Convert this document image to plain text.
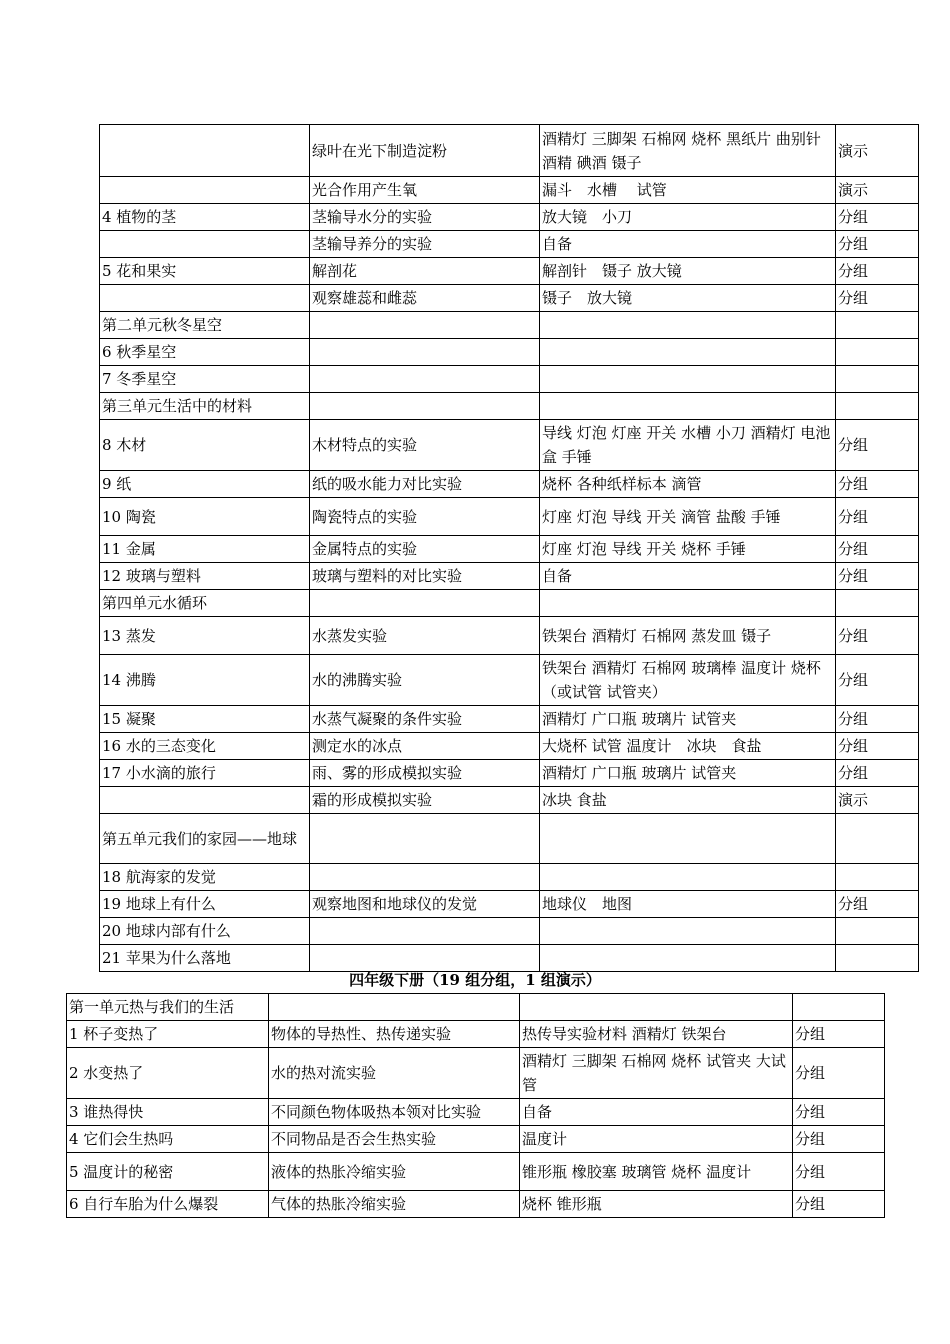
	绿叶在光下制造淀粉	酒精灯 三脚架 石棉网 烧杯 黑纸片 曲别针 酒精 碘酒 镊子	演示
	光合作用产生氧	漏斗　水槽　 试管	演示
4 植物的茎	茎输导水分的实验	放大镜　小刀	分组
	茎输导养分的实验	自备	分组
5 花和果实	解剖花	解剖针　镊子 放大镜	分组
	观察雄蕊和雌蕊	镊子　放大镜	分组
第二单元秋冬星空			
6 秋季星空			
7 冬季星空			
第三单元生活中的材料			
8 木材	木材特点的实验	导线 灯泡 灯座 开关 水槽 小刀 酒精灯 电池盒 手锤	分组
9 纸	纸的吸水能力对比实验	烧杯 各种纸样标本 滴管	分组
10 陶瓷	陶瓷特点的实验	灯座 灯泡 导线 开关 滴管 盐酸 手锤	分组
11 金属	金属特点的实验	灯座 灯泡 导线 开关 烧杯 手锤	分组
12 玻璃与塑料	玻璃与塑料的对比实验	自备	分组
第四单元水循环			
13 蒸发	水蒸发实验	铁架台 酒精灯 石棉网 蒸发皿 镊子	分组
14 沸腾	水的沸腾实验	铁架台 酒精灯 石棉网 玻璃棒 温度计 烧杯（或试管 试管夹）	分组
15 凝聚	水蒸气凝聚的条件实验	酒精灯 广口瓶 玻璃片 试管夹	分组
16 水的三态变化	测定水的冰点	大烧杯 试管 温度计　冰块　食盐	分组
17 小水滴的旅行	雨、雾的形成模拟实验	酒精灯 广口瓶 玻璃片 试管夹	分组
	霜的形成模拟实验	冰块 食盐	演示
第五单元我们的家园——地球			
18 航海家的发觉			
19 地球上有什么	观察地图和地球仪的发觉	地球仪　地图	分组
20 地球内部有什么			
21 苹果为什么落地			
四年级下册（19 组分组，1 组演示）
第一单元热与我们的生活			
1 杯子变热了	物体的导热性、热传递实验	热传导实验材料 酒精灯 铁架台	分组
2 水变热了	水的热对流实验	酒精灯 三脚架 石棉网 烧杯 试管夹 大试管	分组
3 谁热得快	不同颜色物体吸热本领对比实验	自备	分组
4 它们会生热吗	不同物品是否会生热实验	温度计	分组
5 温度计的秘密	液体的热胀冷缩实验	锥形瓶 橡胶塞 玻璃管 烧杯 温度计	分组
6 自行车胎为什么爆裂	气体的热胀冷缩实验	烧杯 锥形瓶	分组
